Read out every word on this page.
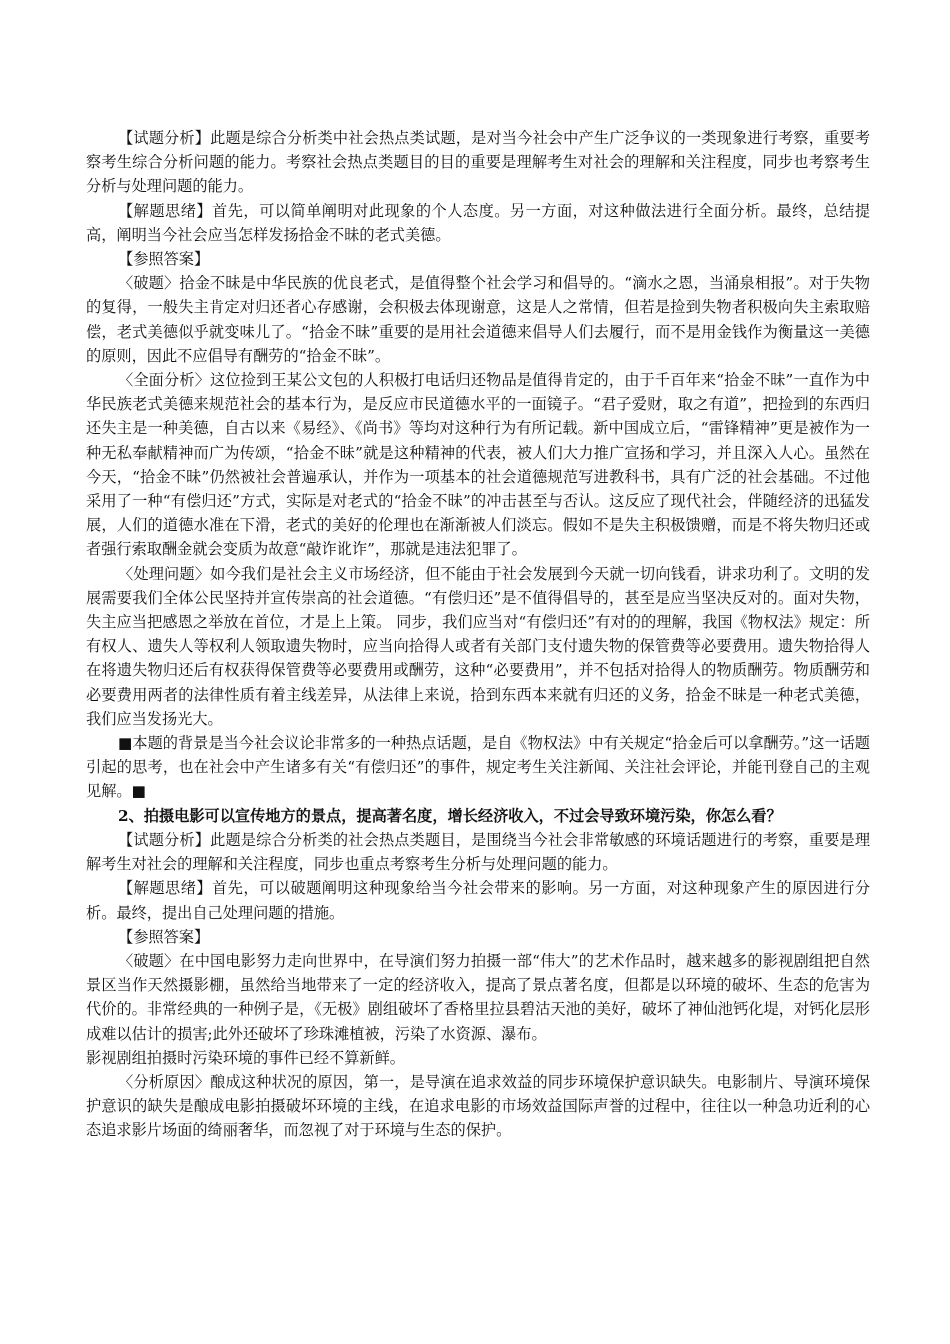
【试题分析】此题是综合分析类中社会热点类试题，是对当今社会中产生广泛争议的一类现象进行考察，重要考察考生综合分析问题的能力。考察社会热点类题目的目的重要是理解考生对社会的理解和关注程度，同步也考察考生分析与处理问题的能力。

【解题思绪】首先，可以简单阐明对此现象的个人态度。另一方面，对这种做法进行全面分析。最终，总结提高，阐明当今社会应当怎样发扬拾金不昧的老式美德。

【参照答案】

〈破题〉拾金不昧是中华民族的优良老式，是值得整个社会学习和倡导的。“滴水之恩，当涌泉相报”。对于失物的复得，一般失主肯定对归还者心存感谢，会积极去体现谢意，这是人之常情，但若是捡到失物者积极向失主索取赔偿，老式美德似乎就变味儿了。“拾金不昧”重要的是用社会道德来倡导人们去履行，而不是用金钱作为衡量这一美德的原则，因此不应倡导有酬劳的“拾金不昧”。

〈全面分析〉这位捡到王某公文包的人积极打电话归还物品是值得肯定的，由于千百年来“拾金不昧”一直作为中华民族老式美德来规范社会的基本行为，是反应市民道德水平的一面镜子。“君子爱财，取之有道”，把捡到的东西归还失主是一种美德，自古以来《易经》、《尚书》等均对这种行为有所记载。新中国成立后，“雷锋精神”更是被作为一种无私奉献精神而广为传颂，“拾金不昧”就是这种精神的代表，被人们大力推广宣扬和学习，并且深入人心。虽然在今天，“拾金不昧”仍然被社会普遍承认，并作为一项基本的社会道德规范写进教科书，具有广泛的社会基础。不过他采用了一种“有偿归还”方式，实际是对老式的“拾金不昧”的冲击甚至与否认。这反应了现代社会，伴随经济的迅猛发展，人们的道德水准在下滑，老式的美好的伦理也在渐渐被人们淡忘。假如不是失主积极馈赠，而是不将失物归还或者强行索取酬金就会变质为故意“敲诈讹诈”，那就是违法犯罪了。

〈处理问题〉如今我们是社会主义市场经济，但不能由于社会发展到今天就一切向钱看，讲求功利了。文明的发展需要我们全体公民坚持并宣传崇高的社会道德。“有偿归还”是不值得倡导的，甚至是应当坚决反对的。面对失物，失主应当把感恩之举放在首位，才是上上策。 同步，我们应当对“有偿归还”有对的的理解，我国《物权法》规定：所有权人、遗失人等权利人领取遗失物时，应当向拾得人或者有关部门支付遗失物的保管费等必要费用。遗失物拾得人在将遗失物归还后有权获得保管费等必要费用或酬劳，这种“必要费用”，并不包括对拾得人的物质酬劳。物质酬劳和必要费用两者的法律性质有着主线差异，从法律上来说，拾到东西本来就有归还的义务，拾金不昧是一种老式美德，我们应当发扬光大。

■本题的背景是当今社会议论非常多的一种热点话题，是自《物权法》中有关规定“拾金后可以拿酬劳。”这一话题引起的思考，也在社会中产生诸多有关“有偿归还”的事件，规定考生关注新闻、关注社会评论，并能刊登自己的主观见解。■

2、拍摄电影可以宣传地方的景点，提高著名度，增长经济收入，不过会导致环境污染，你怎么看？

【试题分析】此题是综合分析类的社会热点类题目，是围绕当今社会非常敏感的环境话题进行的考察，重要是理解考生对社会的理解和关注程度，同步也重点考察考生分析与处理问题的能力。

【解题思绪】首先，可以破题阐明这种现象给当今社会带来的影响。另一方面，对这种现象产生的原因进行分析。最终，提出自己处理问题的措施。

【参照答案】

〈破题〉在中国电影努力走向世界中，在导演们努力拍摄一部“伟大”的艺术作品时，越来越多的影视剧组把自然景区当作天然摄影棚，虽然给当地带来了一定的经济收入，提高了景点著名度，但都是以环境的破坏、生态的危害为代价的。非常经典的一种例子是，《无极》剧组破坏了香格里拉县碧沽天池的美好，破坏了神仙池钙化堤，对钙化层形成难以估计的损害;此外还破坏了珍珠滩植被，污染了水资源、瀑布。

影视剧组拍摄时污染环境的事件已经不算新鲜。

〈分析原因〉酿成这种状况的原因，第一，是导演在追求效益的同步环境保护意识缺失。电影制片、导演环境保护意识的缺失是酿成电影拍摄破坏环境的主线，在追求电影的市场效益国际声誉的过程中，往往以一种急功近利的心态追求影片场面的绮丽奢华，而忽视了对于环境与生态的保护。
